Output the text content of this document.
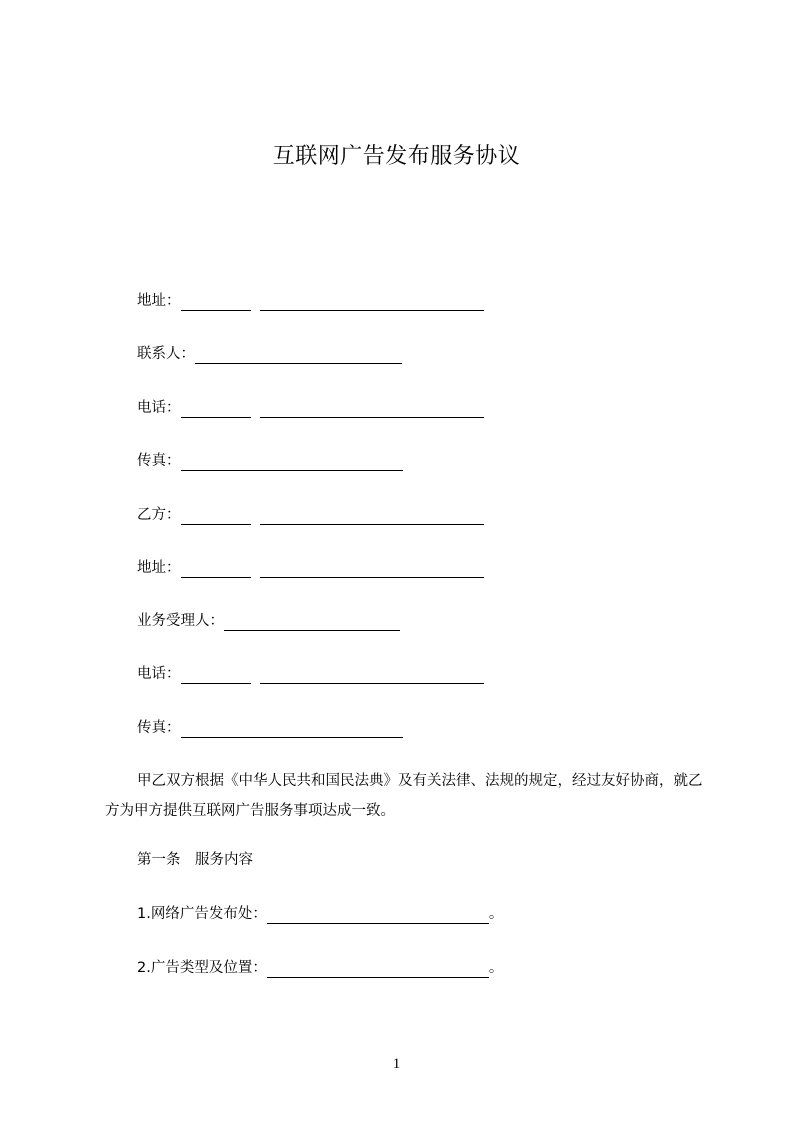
互联网广告发布服务协议
地址：
联系人：
电话：
传真：
乙方：
地址：
业务受理人：
电话：
传真：
甲乙双方根据《中华人民共和国民法典》及有关法律、法规的规定，经过友好协商，就乙方为甲方提供互联网广告服务事项达成一致。
第一条　服务内容
1.网络广告发布处：	。
2.广告类型及位置：	。
1
